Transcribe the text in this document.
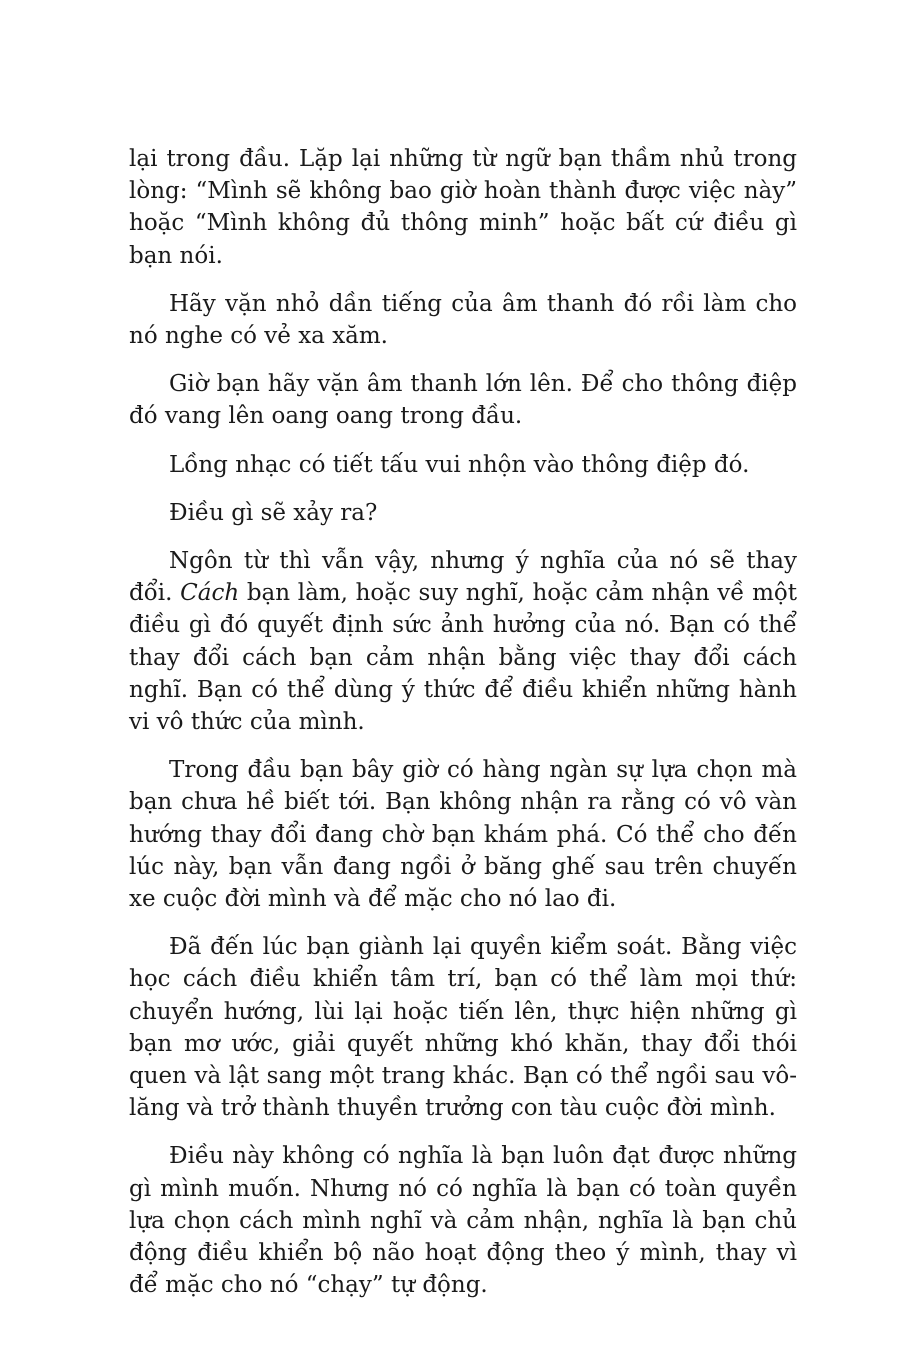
lại trong đầu. Lặp lại những từ ngữ bạn thầm nhủ trong lòng: “Mình sẽ không bao giờ hoàn thành được việc này” hoặc “Mình không đủ thông minh” hoặc bất cứ điều gì bạn nói.

Hãy vặn nhỏ dần tiếng của âm thanh đó rồi làm cho nó nghe có vẻ xa xăm.

Giờ bạn hãy vặn âm thanh lớn lên. Để cho thông điệp đó vang lên oang oang trong đầu.

Lồng nhạc có tiết tấu vui nhộn vào thông điệp đó.

Điều gì sẽ xảy ra?

Ngôn từ thì vẫn vậy, nhưng ý nghĩa của nó sẽ thay đổi. Cách bạn làm, hoặc suy nghĩ, hoặc cảm nhận về một điều gì đó quyết định sức ảnh hưởng của nó. Bạn có thể thay đổi cách bạn cảm nhận bằng việc thay đổi cách nghĩ. Bạn có thể dùng ý thức để điều khiển những hành vi vô thức của mình.

Trong đầu bạn bây giờ có hàng ngàn sự lựa chọn mà bạn chưa hề biết tới. Bạn không nhận ra rằng có vô vàn hướng thay đổi đang chờ bạn khám phá. Có thể cho đến lúc này, bạn vẫn đang ngồi ở băng ghế sau trên chuyến xe cuộc đời mình và để mặc cho nó lao đi.

Đã đến lúc bạn giành lại quyền kiểm soát. Bằng việc học cách điều khiển tâm trí, bạn có thể làm mọi thứ: chuyển hướng, lùi lại hoặc tiến lên, thực hiện những gì bạn mơ ước, giải quyết những khó khăn, thay đổi thói quen và lật sang một trang khác. Bạn có thể ngồi sau vô-lăng và trở thành thuyền trưởng con tàu cuộc đời mình.

Điều này không có nghĩa là bạn luôn đạt được những gì mình muốn. Nhưng nó có nghĩa là bạn có toàn quyền lựa chọn cách mình nghĩ và cảm nhận, nghĩa là bạn chủ động điều khiển bộ não hoạt động theo ý mình, thay vì để mặc cho nó “chạy” tự động.
